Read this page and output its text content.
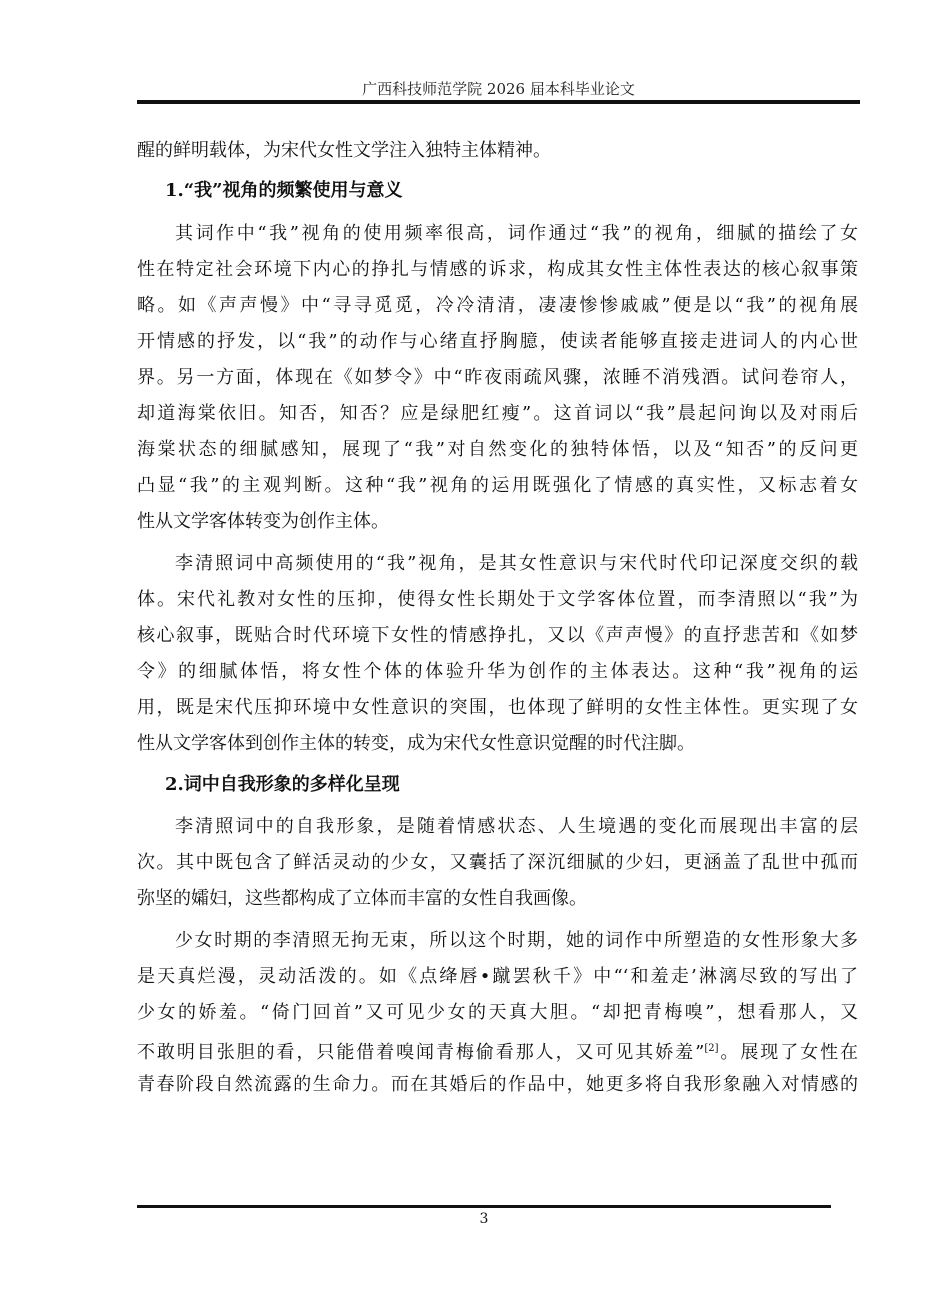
广西科技师范学院 2026 届本科毕业论文
醒的鲜明载体，为宋代女性文学注入独特主体精神。
1.“我”视角的频繁使用与意义
其词作中“我”视角的使用频率很高，词作通过“我”的视角，细腻的描绘了女
性在特定社会环境下内心的挣扎与情感的诉求，构成其女性主体性表达的核心叙事策
略。如《声声慢》中“寻寻觅觅，冷冷清清，凄凄惨惨戚戚”便是以“我”的视角展
开情感的抒发，以“我”的动作与心绪直抒胸臆，使读者能够直接走进词人的内心世
界。另一方面，体现在《如梦令》中“昨夜雨疏风骤，浓睡不消残酒。试问卷帘人，
却道海棠依旧。知否，知否？应是绿肥红瘦”。这首词以“我”晨起问询以及对雨后
海棠状态的细腻感知，展现了“我”对自然变化的独特体悟，以及“知否”的反问更
凸显“我”的主观判断。这种“我”视角的运用既强化了情感的真实性，又标志着女
性从文学客体转变为创作主体。
李清照词中高频使用的“我”视角，是其女性意识与宋代时代印记深度交织的载
体。宋代礼教对女性的压抑，使得女性长期处于文学客体位置，而李清照以“我”为
核心叙事，既贴合时代环境下女性的情感挣扎，又以《声声慢》的直抒悲苦和《如梦
令》的细腻体悟，将女性个体的体验升华为创作的主体表达。这种“我”视角的运
用，既是宋代压抑环境中女性意识的突围，也体现了鲜明的女性主体性。更实现了女
性从文学客体到创作主体的转变，成为宋代女性意识觉醒的时代注脚。
2.词中自我形象的多样化呈现
李清照词中的自我形象，是随着情感状态、人生境遇的变化而展现出丰富的层
次。其中既包含了鲜活灵动的少女，又囊括了深沉细腻的少妇，更涵盖了乱世中孤而
弥坚的孀妇，这些都构成了立体而丰富的女性自我画像。
少女时期的李清照无拘无束，所以这个时期，她的词作中所塑造的女性形象大多
是天真烂漫，灵动活泼的。如《点绛唇•蹴罢秋千》中“‘和羞走’淋漓尽致的写出了
少女的娇羞。“倚门回首”又可见少女的天真大胆。“却把青梅嗅”，想看那人，又
不敢明目张胆的看，只能借着嗅闻青梅偷看那人，又可见其娇羞”[2]。展现了女性在
青春阶段自然流露的生命力。而在其婚后的作品中，她更多将自我形象融入对情感的
3
